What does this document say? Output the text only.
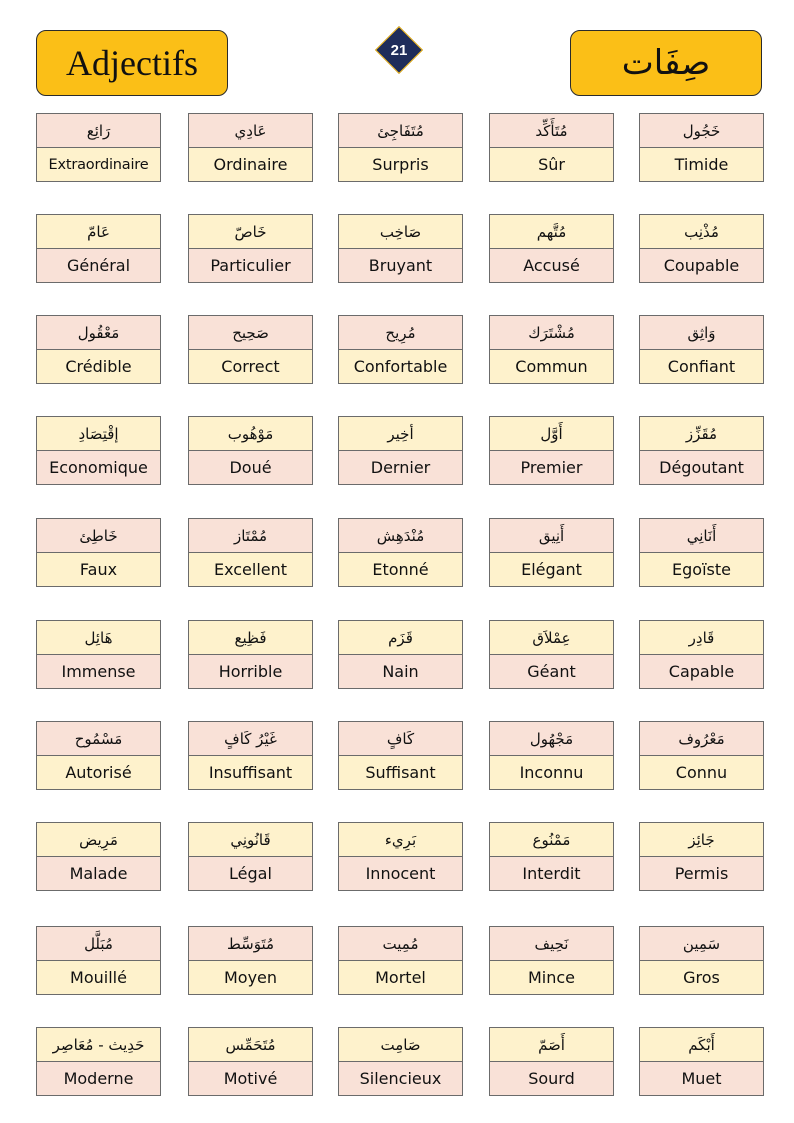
Adjectifs	21	صِفَات
رَائِع
Extraordinaire
عَادِي
Ordinaire
مُتَفَاجِئ
Surpris
مُتَأَكِّد
Sûr
خَجُول
Timide
عَامّ
Général
خَاصّ
Particulier
صَاخِب
Bruyant
مُتَّهم
Accusé
مُذْنِب
Coupable
مَعْقُول
Crédible
صَحِيح
Correct
مُرِيح
Confortable
مُشْتَرَك
Commun
وَاثِق
Confiant
إقْتِصَادِ
Economique
مَوْهُوب
Doué
أخِير
Dernier
أَوَّل
Premier
مُقَزِّز
Dégoutant
خَاطِئ
Faux
مُمْتَاز
Excellent
مُنْدَهِش
Etonné
أَنِيق
Elégant
أَنَانِي
Egoïste
هَائِل
Immense
فَظِيع
Horrible
قَزَم
Nain
عِمْلاَق
Géant
قَادِر
Capable
مَسْمُوح
Autorisé
غَيْرُ كَافٍ
Insuffisant
كَافٍ
Suffisant
مَجْهُول
Inconnu
مَعْرُوف
Connu
مَرِيض
Malade
قَانُونِي
Légal
بَرِيء
Innocent
مَمْنُوع
Interdit
جَائِز
Permis
مُبَلَّل
Mouillé
مُتَوَسِّط
Moyen
مُمِيت
Mortel
نَحِيف
Mince
سَمِين
Gros
حَدِيث - مُعَاصِر
Moderne
مُتَحَمِّس
Motivé
صَامِت
Silencieux
أَصَمّ
Sourd
أَبْكَم
Muet
